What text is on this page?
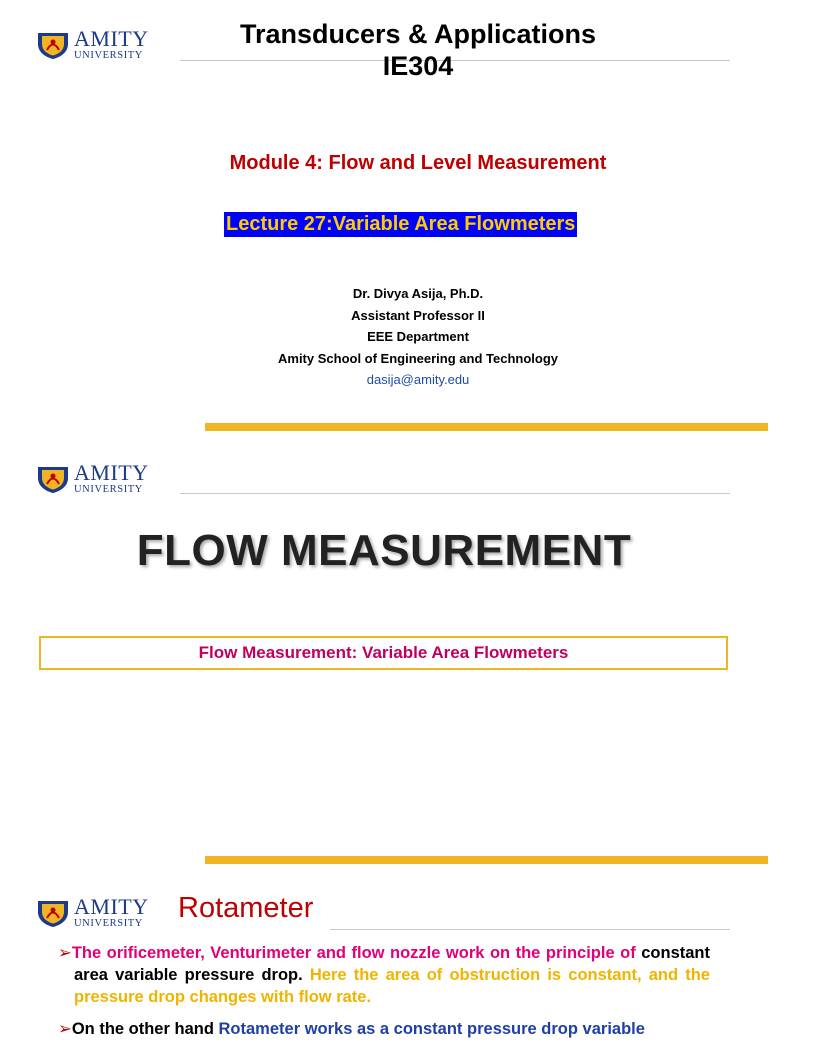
AMITY
UNIVERSITY
Transducers & Applications
IE304
Module 4: Flow and Level Measurement
Lecture 27:Variable Area Flowmeters
Dr. Divya Asija, Ph.D.
Assistant Professor II
EEE Department
Amity School of Engineering and Technology
dasija@amity.edu
AMITY
UNIVERSITY
FLOW MEASUREMENT
Flow Measurement: Variable Area Flowmeters
AMITY
UNIVERSITY Rotameter

➢The orificemeter, Venturimeter and flow nozzle work on the principle of constant area variable pressure drop. Here the area of obstruction is constant, and the pressure drop changes with flow rate.

➢On the other hand Rotameter works as a constant pressure drop variable
